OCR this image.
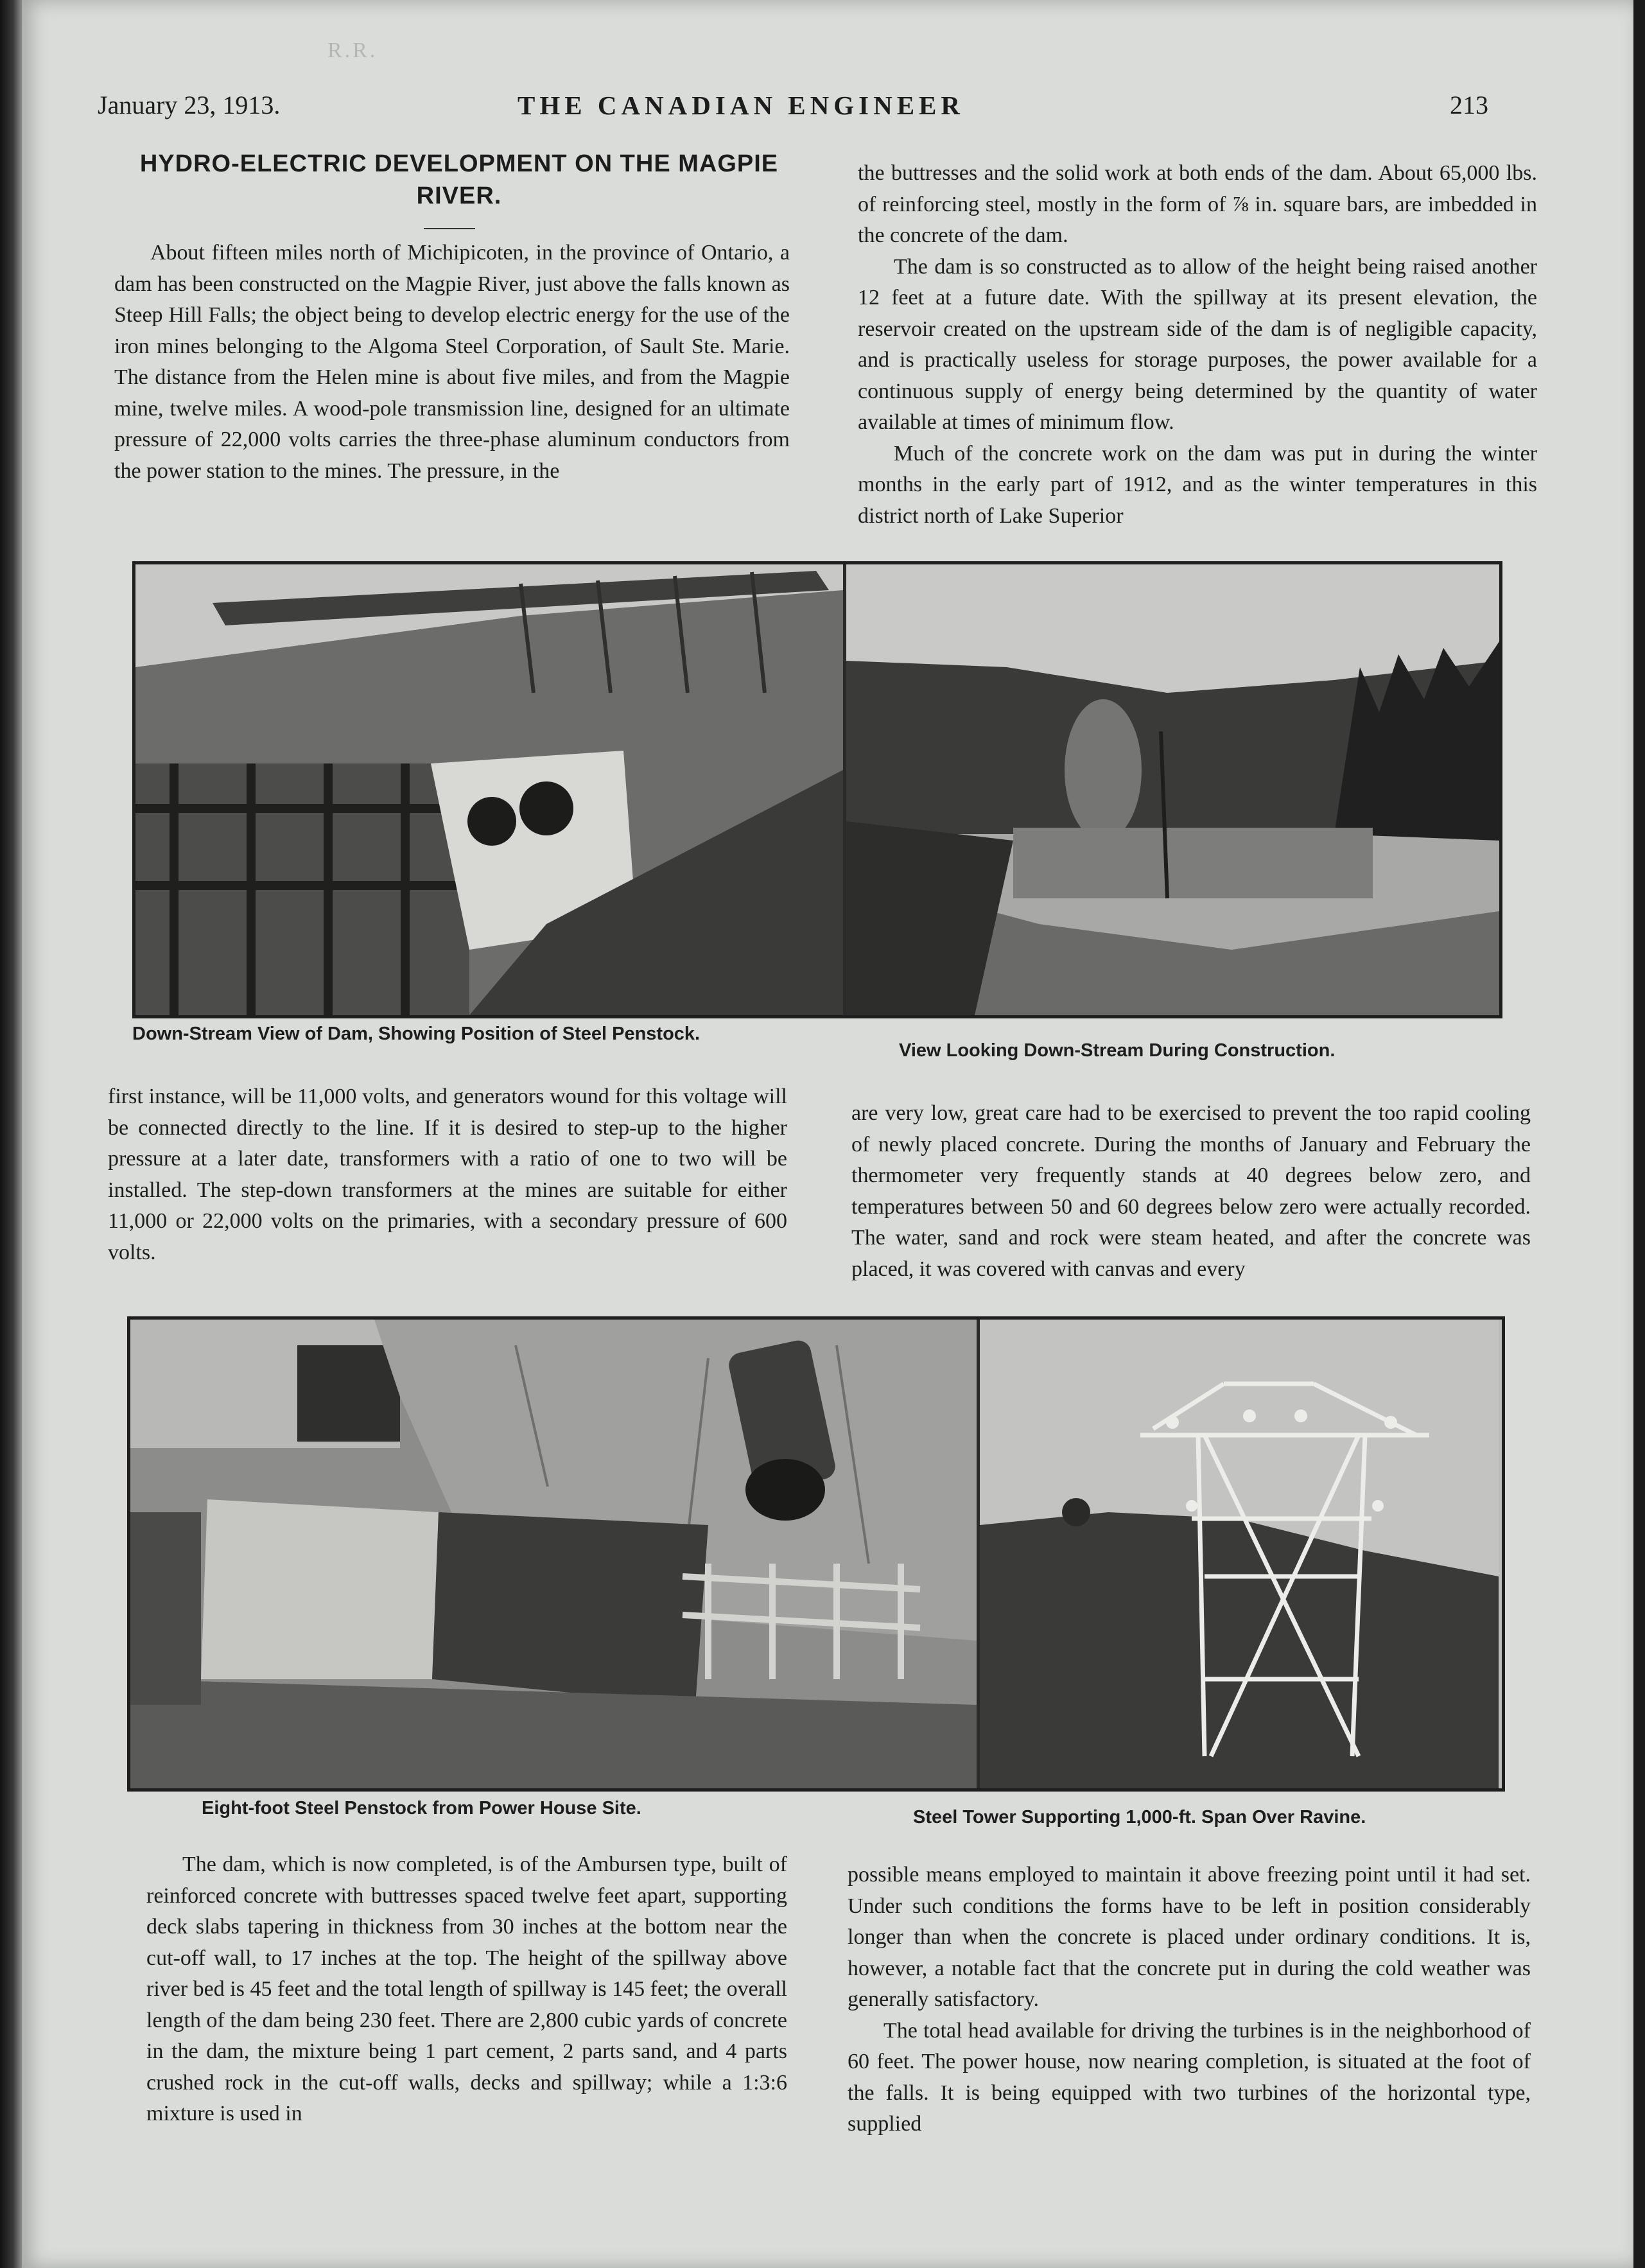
R.R.
January 23, 1913.	THE CANADIAN ENGINEER	213
HYDRO-ELECTRIC DEVELOPMENT ON THE MAGPIE RIVER.

About fifteen miles north of Michipicoten, in the province of Ontario, a dam has been constructed on the Magpie River, just above the falls known as Steep Hill Falls; the object being to develop electric energy for the use of the iron mines belonging to the Algoma Steel Corporation, of Sault Ste. Marie. The distance from the Helen mine is about five miles, and from the Magpie mine, twelve miles. A wood-pole transmission line, designed for an ultimate pressure of 22,000 volts carries the three-phase aluminum conductors from the power station to the mines. The pressure, in the

the buttresses and the solid work at both ends of the dam. About 65,000 lbs. of reinforcing steel, mostly in the form of ⅞ in. square bars, are imbedded in the concrete of the dam.

The dam is so constructed as to allow of the height being raised another 12 feet at a future date. With the spillway at its present elevation, the reservoir created on the upstream side of the dam is of negligible capacity, and is practically useless for storage purposes, the power available for a continuous supply of energy being determined by the quantity of water available at times of minimum flow.

Much of the concrete work on the dam was put in during the winter months in the early part of 1912, and as the winter temperatures in this district north of Lake Superior

Down-Stream View of Dam, Showing Position of Steel Penstock.
View Looking Down-Stream During Construction.

first instance, will be 11,000 volts, and generators wound for this voltage will be connected directly to the line. If it is desired to step-up to the higher pressure at a later date, transformers with a ratio of one to two will be installed. The step-down transformers at the mines are suitable for either 11,000 or 22,000 volts on the primaries, with a secondary pressure of 600 volts.

are very low, great care had to be exercised to prevent the too rapid cooling of newly placed concrete. During the months of January and February the thermometer very frequently stands at 40 degrees below zero, and temperatures between 50 and 60 degrees below zero were actually recorded. The water, sand and rock were steam heated, and after the concrete was placed, it was covered with canvas and every

Eight-foot Steel Penstock from Power House Site.	Steel Tower Supporting 1,000-ft. Span Over Ravine.

The dam, which is now completed, is of the Ambursen type, built of reinforced concrete with buttresses spaced twelve feet apart, supporting deck slabs tapering in thickness from 30 inches at the bottom near the cut-off wall, to 17 inches at the top. The height of the spillway above river bed is 45 feet and the total length of spillway is 145 feet; the overall length of the dam being 230 feet. There are 2,800 cubic yards of concrete in the dam, the mixture being 1 part cement, 2 parts sand, and 4 parts crushed rock in the cut-off walls, decks and spillway; while a 1:3:6 mixture is used in

possible means employed to maintain it above freezing point until it had set. Under such conditions the forms have to be left in position considerably longer than when the concrete is placed under ordinary conditions. It is, however, a notable fact that the concrete put in during the cold weather was generally satisfactory.

The total head available for driving the turbines is in the neighborhood of 60 feet. The power house, now nearing completion, is situated at the foot of the falls. It is being equipped with two turbines of the horizontal type, supplied
